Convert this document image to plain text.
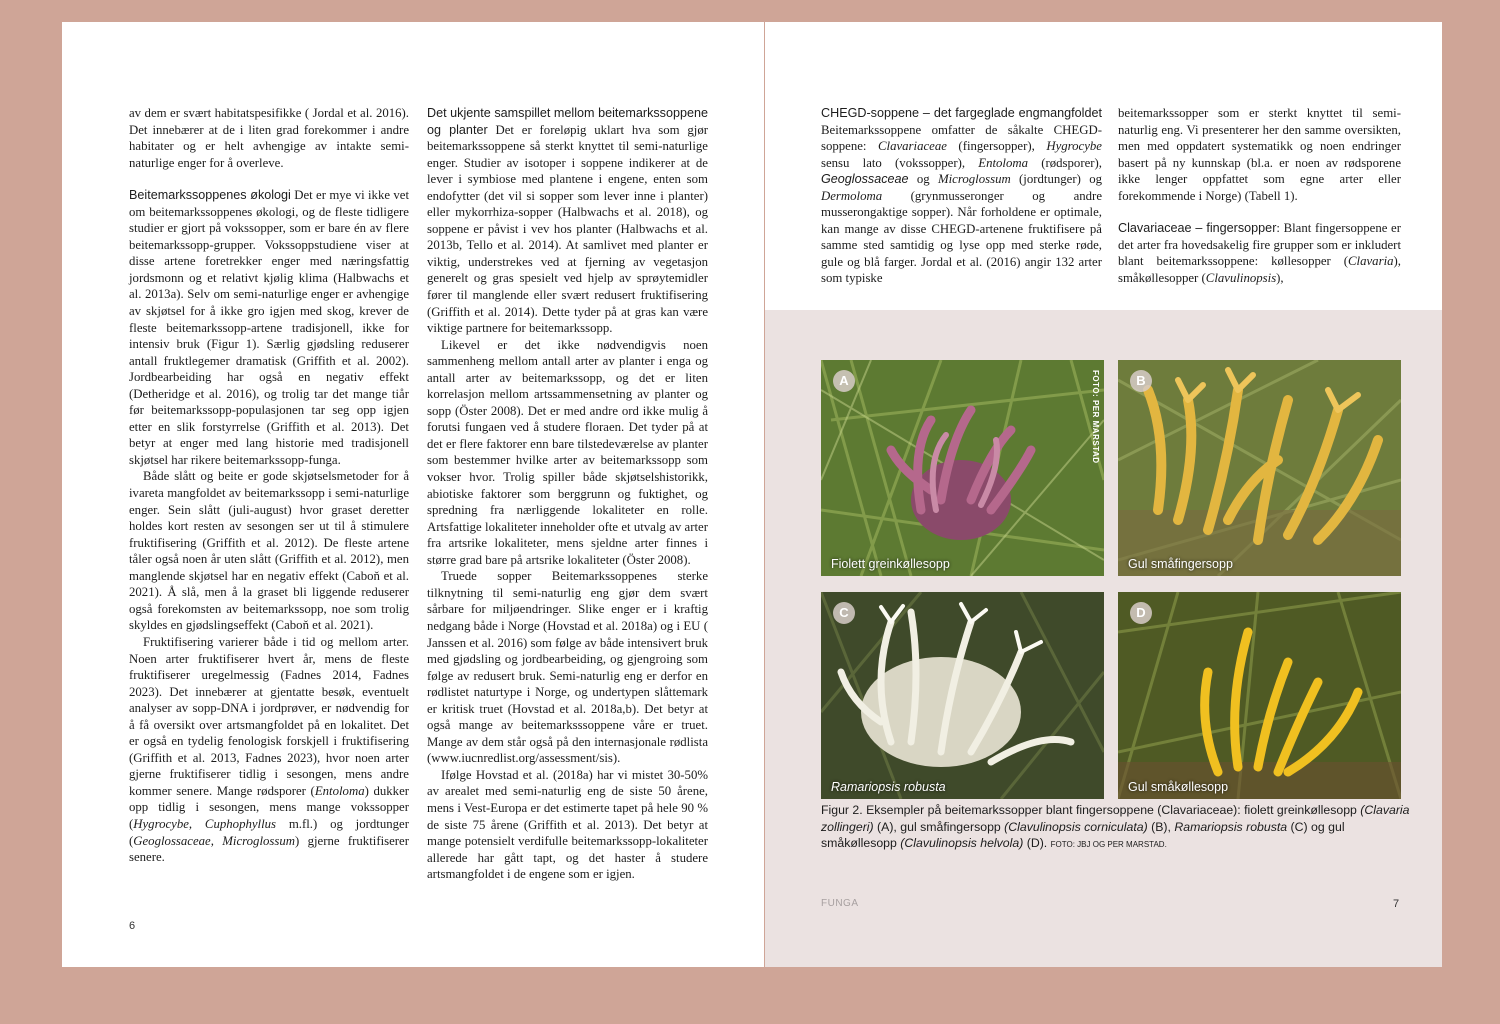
av dem er svært habitatspesifikke ( Jordal et al. 2016). Det innebærer at de i liten grad forekommer i andre habitater og er helt avhengige av intakte semi-naturlige enger for å overleve.

Beitemarkssoppenes økologi Det er mye vi ikke vet om beitemarkssoppenes økologi, og de fleste tidligere studier er gjort på vokssopper, som er bare én av flere beitemarkssopp-grupper. Vokssoppstudiene viser at disse artene foretrekker enger med næringsfattig jordsmonn og et relativt kjølig klima (Halbwachs et al. 2013a). Selv om semi-naturlige enger er avhengige av skjøtsel for å ikke gro igjen med skog, krever de fleste beitemarkssopp-artene tradisjonell, ikke for intensiv bruk (Figur 1). Særlig gjødsling reduserer antall fruktlegemer dramatisk (Griffith et al. 2002). Jordbearbeiding har også en negativ effekt (Detheridge et al. 2016), og trolig tar det mange tiår før beitemarkssopp-populasjonen tar seg opp igjen etter en slik forstyrrelse (Griffith et al. 2013). Det betyr at enger med lang historie med tradisjonell skjøtsel har rikere beitemarkssopp-funga.

Både slått og beite er gode skjøtselsmetoder for å ivareta mangfoldet av beitemarkssopp i semi-naturlige enger. Sein slått (juli-august) hvor graset deretter holdes kort resten av sesongen ser ut til å stimulere fruktifisering (Griffith et al. 2012). De fleste artene tåler også noen år uten slått (Griffith et al. 2012), men manglende skjøtsel har en negativ effekt (Caboň et al. 2021). Å slå, men å la graset bli liggende reduserer også forekomsten av beitemarkssopp, noe som trolig skyldes en gjødslingseffekt (Caboň et al. 2021).

Fruktifisering varierer både i tid og mellom arter. Noen arter fruktifiserer hvert år, mens de fleste fruktifiserer uregelmessig (Fadnes 2014, Fadnes 2023). Det innebærer at gjentatte besøk, eventuelt analyser av sopp-DNA i jordprøver, er nødvendig for å få oversikt over artsmangfoldet på en lokalitet. Det er også en tydelig fenologisk forskjell i fruktifisering (Griffith et al. 2013, Fadnes 2023), hvor noen arter gjerne fruktifiserer tidlig i sesongen, mens andre kommer senere. Mange rødsporer (Entoloma) dukker opp tidlig i sesongen, mens mange vokssopper (Hygrocybe, Cuphophyllus m.fl.) og jordtunger (Geoglossaceae, Microglossum) gjerne fruktifiserer senere.

Det ukjente samspillet mellom beitemarkssoppene og planter Det er foreløpig uklart hva som gjør beitemarkssoppene så sterkt knyttet til semi-naturlige enger. Studier av isotoper i soppene indikerer at de lever i symbiose med plantene i engene, enten som endofytter (det vil si sopper som lever inne i planter) eller mykorrhiza-sopper (Halbwachs et al. 2018), og soppene er påvist i vev hos planter (Halbwachs et al. 2013b, Tello et al. 2014). At samlivet med planter er viktig, understrekes ved at fjerning av vegetasjon generelt og gras spesielt ved hjelp av sprøytemidler fører til manglende eller svært redusert fruktifisering (Griffith et al. 2014). Dette tyder på at gras kan være viktige partnere for beitemarkssopp.

Likevel er det ikke nødvendigvis noen sammenheng mellom antall arter av planter i enga og antall arter av beitemarkssopp, og det er liten korrelasjon mellom artssammensetning av planter og sopp (Öster 2008). Det er med andre ord ikke mulig å forutsi fungaen ved å studere floraen. Det tyder på at det er flere faktorer enn bare tilstedeværelse av planter som bestemmer hvilke arter av beitemarkssopp som vokser hvor. Trolig spiller både skjøtselshistorikk, abiotiske faktorer som berggrunn og fuktighet, og spredning fra nærliggende lokaliteter en rolle. Artsfattige lokaliteter inneholder ofte et utvalg av arter fra artsrike lokaliteter, mens sjeldne arter finnes i større grad bare på artsrike lokaliteter (Öster 2008).

Truede sopper Beitemarkssoppenes sterke tilknytning til semi-naturlig eng gjør dem svært sårbare for miljøendringer. Slike enger er i kraftig nedgang både i Norge (Hovstad et al. 2018a) og i EU ( Janssen et al. 2016) som følge av både intensivert bruk med gjødsling og jordbearbeiding, og gjengroing som følge av redusert bruk. Semi-naturlig eng er derfor en rødlistet naturtype i Norge, og undertypen slåttemark er kritisk truet (Hovstad et al. 2018a,b). Det betyr at også mange av beitemarksssoppene våre er truet. Mange av dem står også på den internasjonale rødlista (www.iucnredlist.org/assessment/sis).

Ifølge Hovstad et al. (2018a) har vi mistet 30-50% av arealet med semi-naturlig eng de siste 50 årene, mens i Vest-Europa er det estimerte tapet på hele 90 % de siste 75 årene (Griffith et al. 2013). Det betyr at mange potensielt verdifulle beitemarkssopp-lokaliteter allerede har gått tapt, og det haster å studere artsmangfoldet i de engene som er igjen.

6

CHEGD-soppene – det fargeglade engmangfoldet Beitemarkssoppene omfatter de såkalte CHEGD-soppene: Clavariaceae (fingersopper), Hygrocybe sensu lato (vokssopper), Entoloma (rødsporer), Geoglossaceae og Microglossum (jordtunger) og Dermoloma (grynmusseronger og andre musserongaktige sopper). Når forholdene er optimale, kan mange av disse CHEGD-artenene fruktifisere på samme sted samtidig og lyse opp med sterke røde, gule og blå farger. Jordal et al. (2016) angir 132 arter som typiske

beitemarkssopper som er sterkt knyttet til semi-naturlig eng. Vi presenterer her den samme oversikten, men med oppdatert systematikk og noen endringer basert på ny kunnskap (bl.a. er noen av rødsporene ikke lenger oppfattet som egne arter eller forekommende i Norge) (Tabell 1).

Clavariaceae – fingersopper: Blant fingersoppene er det arter fra hovedsakelig fire grupper som er inkludert blant beitemarkssoppene: køllesopper (Clavaria), småkøllesopper (Clavulinopsis),

A	FOTO: PER MARSTAD
Fiolett greinkøllesopp
B
Gul småfingersopp
C
Ramariopsis robusta
D
Gul småkøllesopp
Figur 2. Eksempler på beitemarkssopper blant fingersoppene (Clavariaceae): fiolett greinkøllesopp (Clavaria zollingeri) (A), gul småfingersopp (Clavulinopsis corniculata) (B), Ramariopsis robusta (C) og gul småkøllesopp (Clavulinopsis helvola) (D). FOTO: JBJ OG PER MARSTAD.
FUNGA	7
